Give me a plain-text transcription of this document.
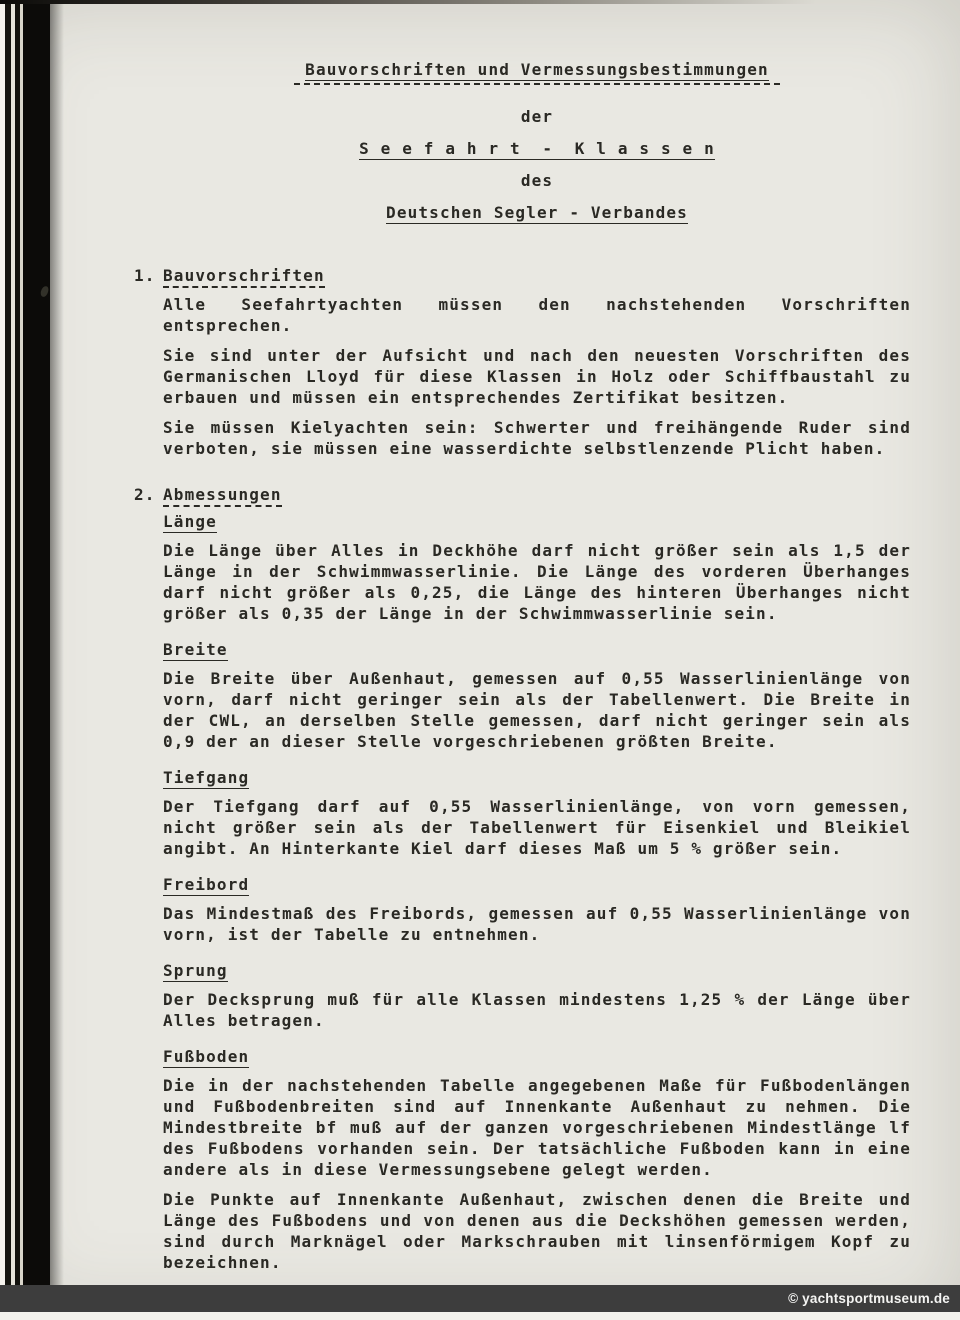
Bauvorschriften und Vermessungsbestimmungen
der
S e e f a h r t  -  K l a s s e n
des
Deutschen Segler - Verbandes
1. Bauvorschriften

Alle Seefahrtyachten müssen den nachstehenden Vorschriften entsprechen.

Sie sind unter der Aufsicht und nach den neuesten Vorschriften des Germanischen Lloyd für diese Klassen in Holz oder Schiffbaustahl zu erbauen und müssen ein entsprechendes Zertifikat besitzen.

Sie müssen Kielyachten sein: Schwerter und freihängende Ruder sind verboten, sie müssen eine wasserdichte selbstlenzende Plicht haben.

2. Abmessungen
Länge

Die Länge über Alles in Deckhöhe darf nicht größer sein als 1,5 der Länge in der Schwimmwasserlinie. Die Länge des vorderen Überhanges darf nicht größer als 0,25, die Länge des hinteren Überhanges nicht größer als 0,35 der Länge in der Schwimmwasserlinie sein.

Breite

Die Breite über Außenhaut, gemessen auf 0,55 Wasserlinienlänge von vorn, darf nicht geringer sein als der Tabellenwert. Die Breite in der CWL, an derselben Stelle gemessen, darf nicht geringer sein als 0,9 der an dieser Stelle vorgeschriebenen größten Breite.

Tiefgang

Der Tiefgang darf auf 0,55 Wasserlinienlänge, von vorn gemessen, nicht größer sein als der Tabellenwert für Eisenkiel und Bleikiel angibt. An Hinterkante Kiel darf dieses Maß um 5 % größer sein.

Freibord

Das Mindestmaß des Freibords, gemessen auf 0,55 Wasserlinienlänge von vorn, ist der Tabelle zu entnehmen.

Sprung

Der Decksprung muß für alle Klassen mindestens 1,25 % der Länge über Alles betragen.

Fußboden

Die in der nachstehenden Tabelle angegebenen Maße für Fußbodenlängen und Fußbodenbreiten sind auf Innenkante Außenhaut zu nehmen. Die Mindestbreite bf muß auf der ganzen vorgeschriebenen Mindestlänge lf des Fußbodens vorhanden sein. Der tatsächliche Fußboden kann in eine andere als in diese Vermessungsebene gelegt werden.

Die Punkte auf Innenkante Außenhaut, zwischen denen die Breite und Länge des Fußbodens und von denen aus die Deckshöhen gemessen werden, sind durch Marknägel oder Markschrauben mit linsenförmigem Kopf zu bezeichnen.

© yachtsportmuseum.de
